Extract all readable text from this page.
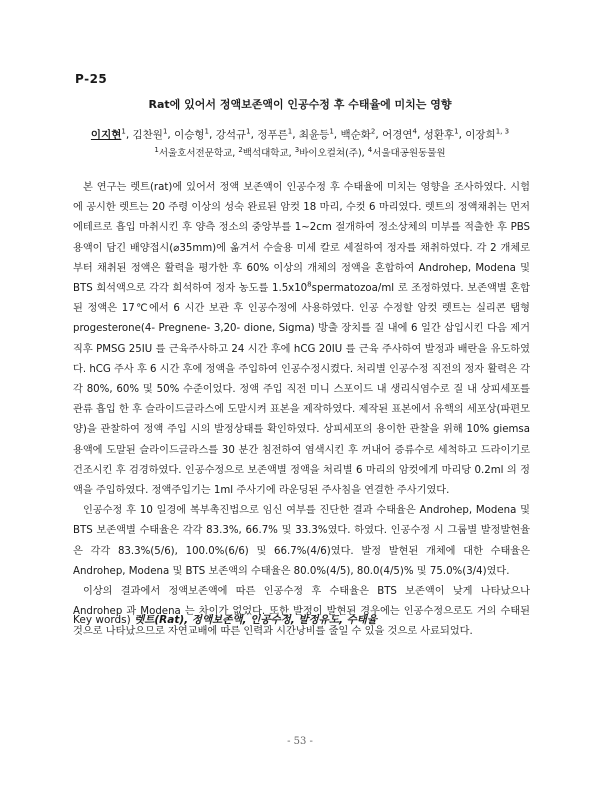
P-25
Rat에 있어서 정액보존액이 인공수정 후 수태율에 미치는 영향
이지현$^1$, 김찬원$^1$, 이승형$^1$, 강석규$^1$, 정푸른$^1$, 최윤등$^1$, 백순화$^2$, 어경연$^4$, 성환후$^1$, 이장희$^{1, 3}$
$^1$서울호서전문학교, $^2$백석대학교, $^3$바이오컬쳐(주), $^4$서울대공원동물원

본 연구는 렛트(rat)에 있어서 정액 보존액이 인공수정 후 수태율에 미치는 영향을 조사하였다. 시험에 공시한 렛트는 20 주령 이상의 성숙 완료된 암컷 18 마리, 수컷 6 마리였다. 렛트의 정액채취는 먼저 에테르로 흡입 마취시킨 후 양측 정소의 중앙부를 1~2cm 절개하여 정소상체의 미부를 적출한 후 PBS 용액이 담긴 배양접시(⌀35mm)에 옮겨서 수술용 미세 칼로 세절하여 정자를 채취하였다. 각 2 개체로부터 채취된 정액은 활력을 평가한 후 60% 이상의 개체의 정액을 혼합하여 Androhep, Modena 및 BTS 희석액으로 각각 희석하여 정자 농도를 $1.5x10^8spermatozoa/ml$ 로 조정하였다. 보존액별 혼합된 정액은 17℃에서 6 시간 보관 후 인공수정에 사용하였다. 인공 수정할 암컷 렛트는 실리콘 탭형 progesterone(4- Pregnene- 3,20- dione, Sigma) 방출 장치를 질 내에 6 일간 삽입시킨 다음 제거 직후 PMSG 25IU 를 근육주사하고 24 시간 후에 hCG 20IU 를 근육 주사하여 발정과 배란을 유도하였다. hCG 주사 후 6 시간 후에 정액을 주입하여 인공수정시켰다. 처리별 인공수정 직전의 정자 활력은 각각 80%, 60% 및 50% 수준이었다. 정액 주입 직전 미니 스포이드 내 생리식염수로 질 내 상피세포를 관류 흡입 한 후 슬라이드글라스에 도말시켜 표본을 제작하였다. 제작된 표본에서 유핵의 세포상(파편모양)을 관찰하여 정액 주입 시의 발정상태를 확인하였다. 상피세포의 용이한 관찰을 위해 10% giemsa 용액에 도말된 슬라이드글라스를 30 분간 침전하여 염색시킨 후 꺼내어 증류수로 세척하고 드라이기로 건조시킨 후 검경하였다. 인공수정으로 보존액별 정액을 처리별 6 마리의 암컷에게 마리당 0.2ml 의 정액을 주입하였다. 정액주입기는 1ml 주사기에 라운딩된 주사침을 연결한 주사기였다.

인공수정 후 10 일경에 복부촉진법으로 임신 여부를 진단한 결과 수태율은 Androhep, Modena 및 BTS 보존액별 수태율은 각각 83.3%, 66.7% 및 33.3%였다. 하였다. 인공수정 시 그룹별 발정발현율은 각각 83.3%(5/6), 100.0%(6/6) 및 66.7%(4/6)였다. 발정 발현된 개체에 대한 수태율은 Androhep, Modena 및 BTS 보존액의 수태율은 80.0%(4/5), 80.0(4/5)% 및 75.0%(3/4)였다.

이상의 결과에서 정액보존액에 따른 인공수정 후 수태율은 BTS 보존액이 낮게 나타났으나 Androhep 과 Modena 는 차이가 없었다. 또한 발정이 발현된 경우에는 인공수정으로도 거의 수태된 것으로 나타났으므로 자연교배에 따른 인력과 시간낭비를 줄일 수 있을 것으로 사료되었다.

Key words) 렛트(Rat), 정액보존액, 인공수정, 발정유도, 수태율
- 53 -
